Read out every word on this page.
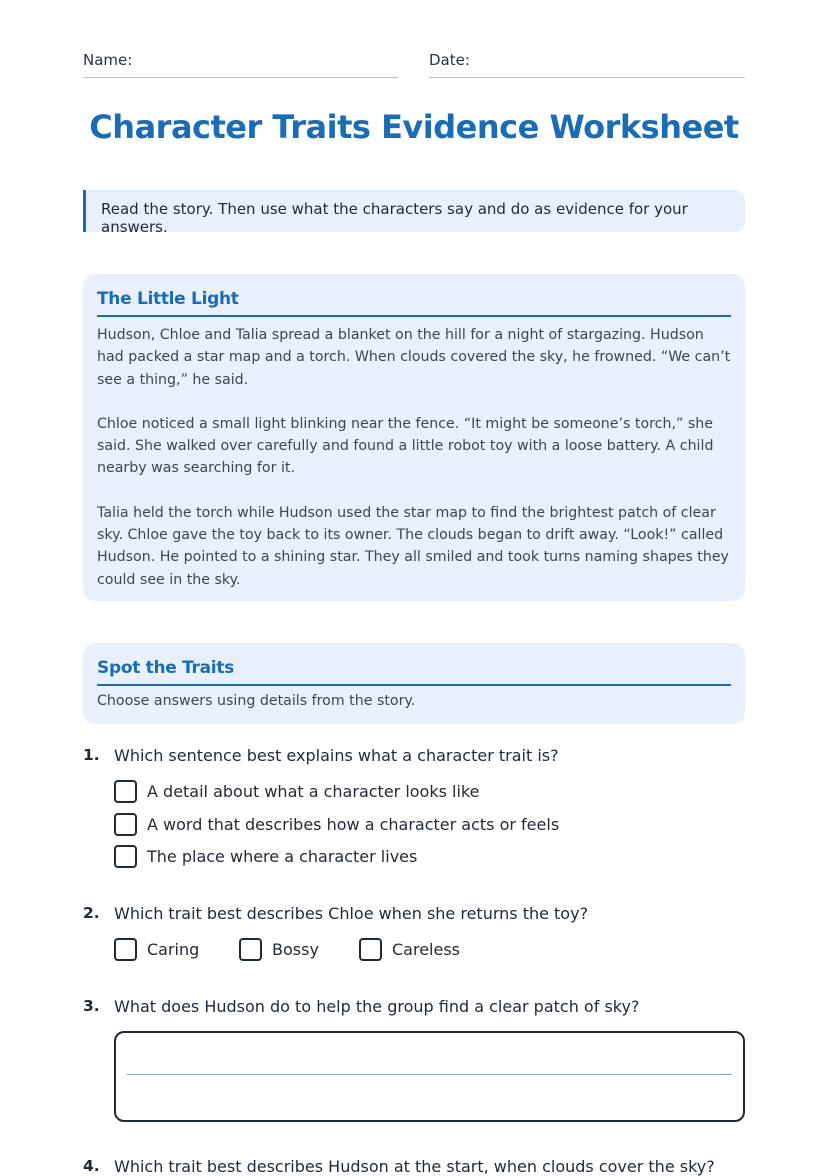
Name:	Date:
Character Traits Evidence Worksheet
Read the story. Then use what the characters say and do as evidence for your answers.
The Little Light

Hudson, Chloe and Talia spread a blanket on the hill for a night of stargazing. Hudson had packed a star map and a torch. When clouds covered the sky, he frowned. “We can’t see a thing,” he said.

Chloe noticed a small light blinking near the fence. “It might be someone’s torch,” she said. She walked over carefully and found a little robot toy with a loose battery. A child nearby was searching for it.

Talia held the torch while Hudson used the star map to find the brightest patch of clear sky. Chloe gave the toy back to its owner. The clouds began to drift away. “Look!” called Hudson. He pointed to a shining star. They all smiled and took turns naming shapes they could see in the sky.

Spot the Traits
Choose answers using details from the story.
1. Which sentence best explains what a character trait is?
A detail about what a character looks like
A word that describes how a character acts or feels
The place where a character lives
2. Which trait best describes Chloe when she returns the toy?
Caring	Bossy	Careless
3. What does Hudson do to help the group find a clear patch of sky?
4. Which trait best describes Hudson at the start, when clouds cover the sky?
